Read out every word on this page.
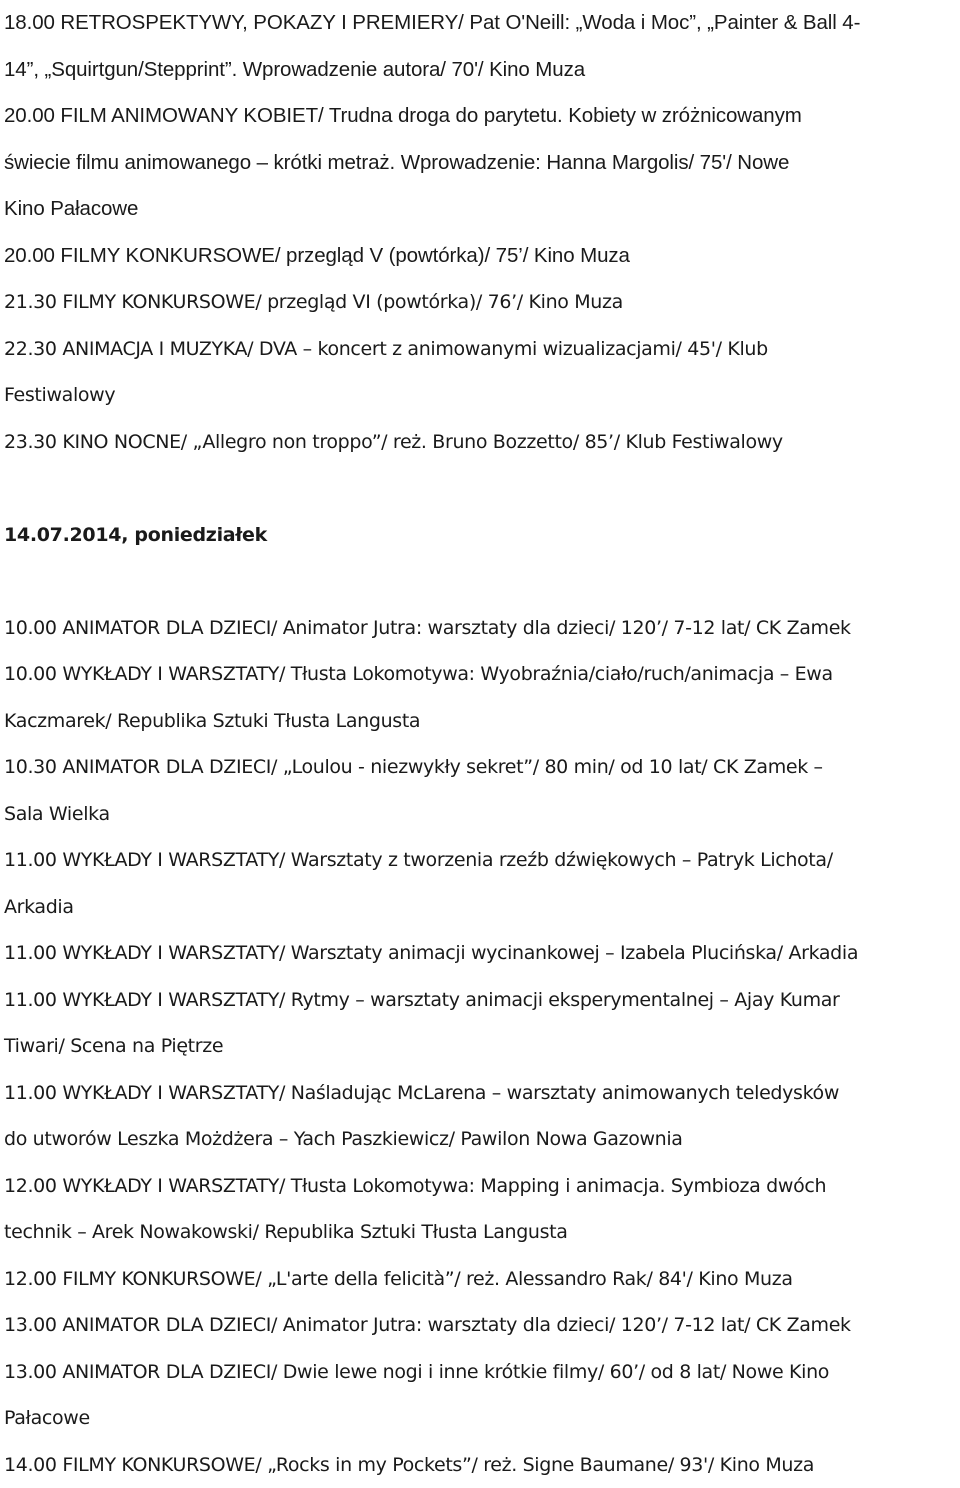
18.00 RETROSPEKTYWY, POKAZY I PREMIERY/ Pat O'Neill: „Woda i Moc”, „Painter & Ball 4-
14”, „Squirtgun/Stepprint”. Wprowadzenie autora/ 70'/ Kino Muza
20.00 FILM ANIMOWANY KOBIET/ Trudna droga do parytetu. Kobiety w zróżnicowanym
świecie filmu animowanego – krótki metraż. Wprowadzenie: Hanna Margolis/ 75'/ Nowe
Kino Pałacowe
20.00 FILMY KONKURSOWE/ przegląd V (powtórka)/ 75’/ Kino Muza
21.30 FILMY KONKURSOWE/ przegląd VI (powtórka)/ 76’/ Kino Muza
22.30 ANIMACJA I MUZYKA/ DVA – koncert z animowanymi wizualizacjami/ 45'/ Klub
Festiwalowy
23.30 KINO NOCNE/ „Allegro non troppo”/ reż. Bruno Bozzetto/ 85’/ Klub Festiwalowy
14.07.2014, poniedziałek
10.00 ANIMATOR DLA DZIECI/ Animator Jutra: warsztaty dla dzieci/ 120’/ 7-12 lat/ CK Zamek
10.00 WYKŁADY I WARSZTATY/ Tłusta Lokomotywa: Wyobraźnia/ciało/ruch/animacja – Ewa
Kaczmarek/ Republika Sztuki Tłusta Langusta
10.30 ANIMATOR DLA DZIECI/ „Loulou - niezwykły sekret”/ 80 min/ od 10 lat/ CK Zamek –
Sala Wielka
11.00 WYKŁADY I WARSZTATY/ Warsztaty z tworzenia rzeźb dźwiękowych – Patryk Lichota/
Arkadia
11.00 WYKŁADY I WARSZTATY/ Warsztaty animacji wycinankowej – Izabela Plucińska/ Arkadia
11.00 WYKŁADY I WARSZTATY/ Rytmy – warsztaty animacji eksperymentalnej – Ajay Kumar
Tiwari/ Scena na Piętrze
11.00 WYKŁADY I WARSZTATY/ Naśladując McLarena – warsztaty animowanych teledysków
do utworów Leszka Możdżera – Yach Paszkiewicz/ Pawilon Nowa Gazownia
12.00 WYKŁADY I WARSZTATY/ Tłusta Lokomotywa: Mapping i animacja. Symbioza dwóch
technik – Arek Nowakowski/ Republika Sztuki Tłusta Langusta
12.00 FILMY KONKURSOWE/ „L'arte della felicità”/ reż. Alessandro Rak/ 84'/ Kino Muza
13.00 ANIMATOR DLA DZIECI/ Animator Jutra: warsztaty dla dzieci/ 120’/ 7-12 lat/ CK Zamek
13.00 ANIMATOR DLA DZIECI/ Dwie lewe nogi i inne krótkie filmy/ 60’/ od 8 lat/ Nowe Kino
Pałacowe
14.00 FILMY KONKURSOWE/ „Rocks in my Pockets”/ reż. Signe Baumane/ 93'/ Kino Muza
